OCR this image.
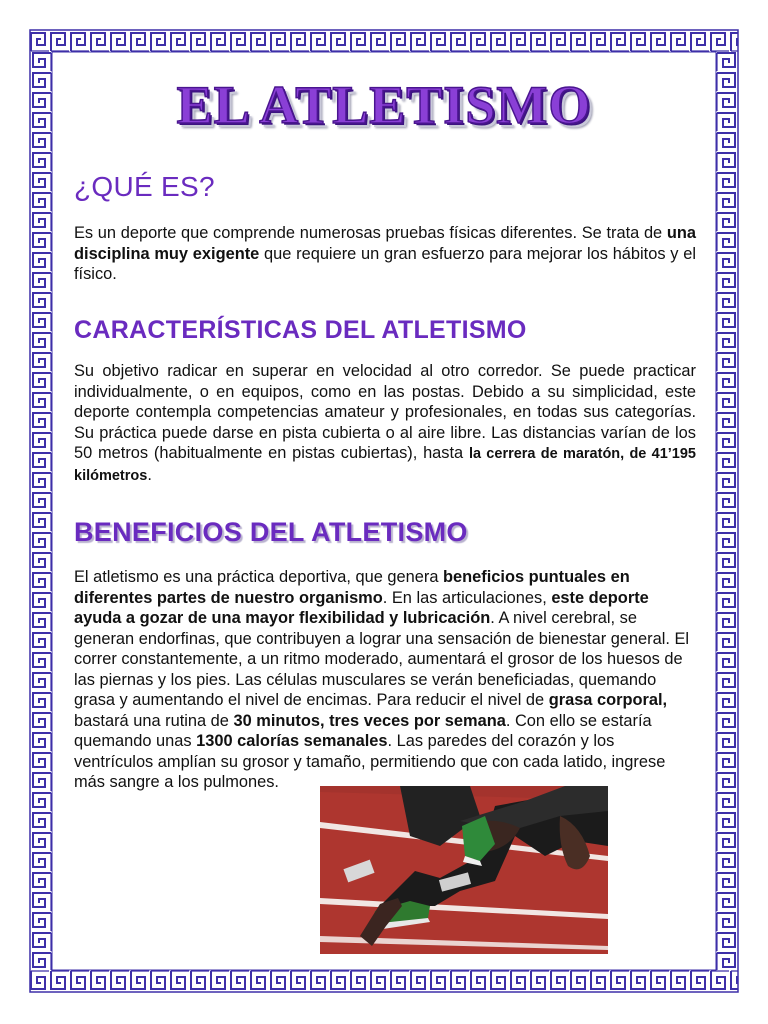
EL ATLETISMO
¿QUÉ ES?

Es un deporte que comprende numerosas pruebas físicas diferentes. Se trata de una disciplina muy exigente que requiere un gran esfuerzo para mejorar los hábitos y el físico.

CARACTERÍSTICAS DEL ATLETISMO

Su objetivo radicar en superar en velocidad al otro corredor. Se puede practicar individualmente, o en equipos, como en las postas. Debido a su simplicidad, este deporte contempla competencias amateur y profesionales, en todas sus categorías. Su práctica puede darse en pista cubierta o al aire libre. Las distancias varían de los 50 metros (habitualmente en pistas cubiertas), hasta la cerrera de maratón, de 41’195 kilómetros.

BENEFICIOS DEL ATLETISMO

El atletismo es una práctica deportiva, que genera beneficios puntuales en diferentes partes de nuestro organismo. En las articulaciones, este deporte ayuda a gozar de una mayor flexibilidad y lubricación. A nivel cerebral, se generan endorfinas, que contribuyen a lograr una sensación de bienestar general. El correr constantemente, a un ritmo moderado, aumentará el grosor de los huesos de las piernas y los pies. Las células musculares se verán beneficiadas, quemando grasa y aumentando el nivel de encimas. Para reducir el nivel de grasa corporal, bastará una rutina de 30 minutos, tres veces por semana. Con ello se estaría quemando unas 1300 calorías semanales. Las paredes del corazón y los ventrículos amplían su grosor y tamaño, permitiendo que con cada latido, ingrese más sangre a los pulmones.
